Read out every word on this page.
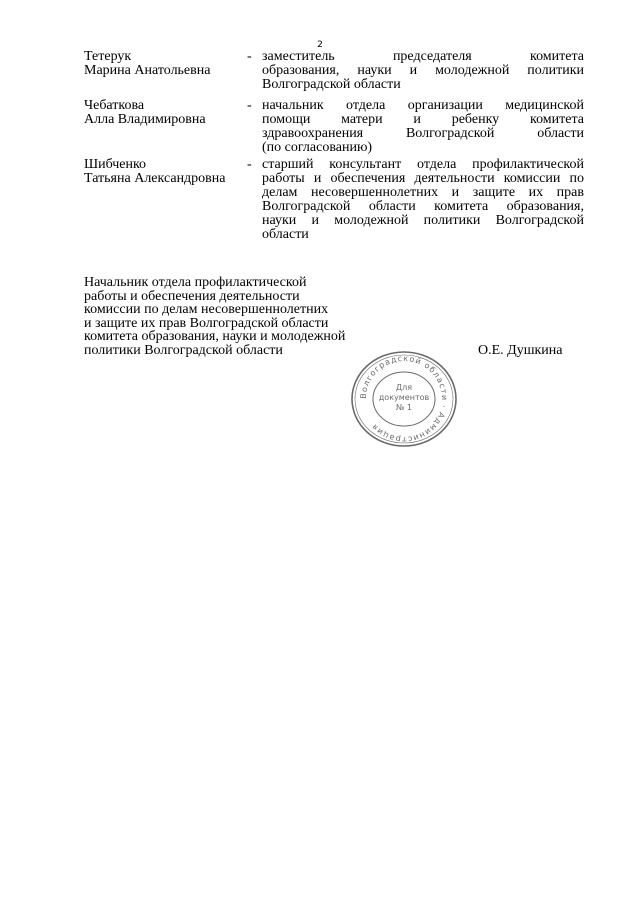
2
Тетерук
Марина Анатольевна
- заместитель председателя комитета
образования, науки и молодежной политики
Волгоградской области
Чебаткова
Алла Владимировна
- начальник отдела организации медицинской
помощи матери и ребенку комитета
здравоохранения Волгоградской области
(по согласованию)
Шибченко
Татьяна Александровна
- старший консультант отдела профилактической
работы и обеспечения деятельности комиссии по
делам несовершеннолетних и защите их прав
Волгоградской области комитета образования,
науки и молодежной политики Волгоградской
области
Начальник отдела профилактической
работы и обеспечения деятельности
комиссии по делам несовершеннолетних
и защите их прав Волгоградской области
комитета образования, науки и молодежной
политики Волгоградской области	О.Е. Душкина
Волгоградской области · Администрация
Для
документов
№ 1
